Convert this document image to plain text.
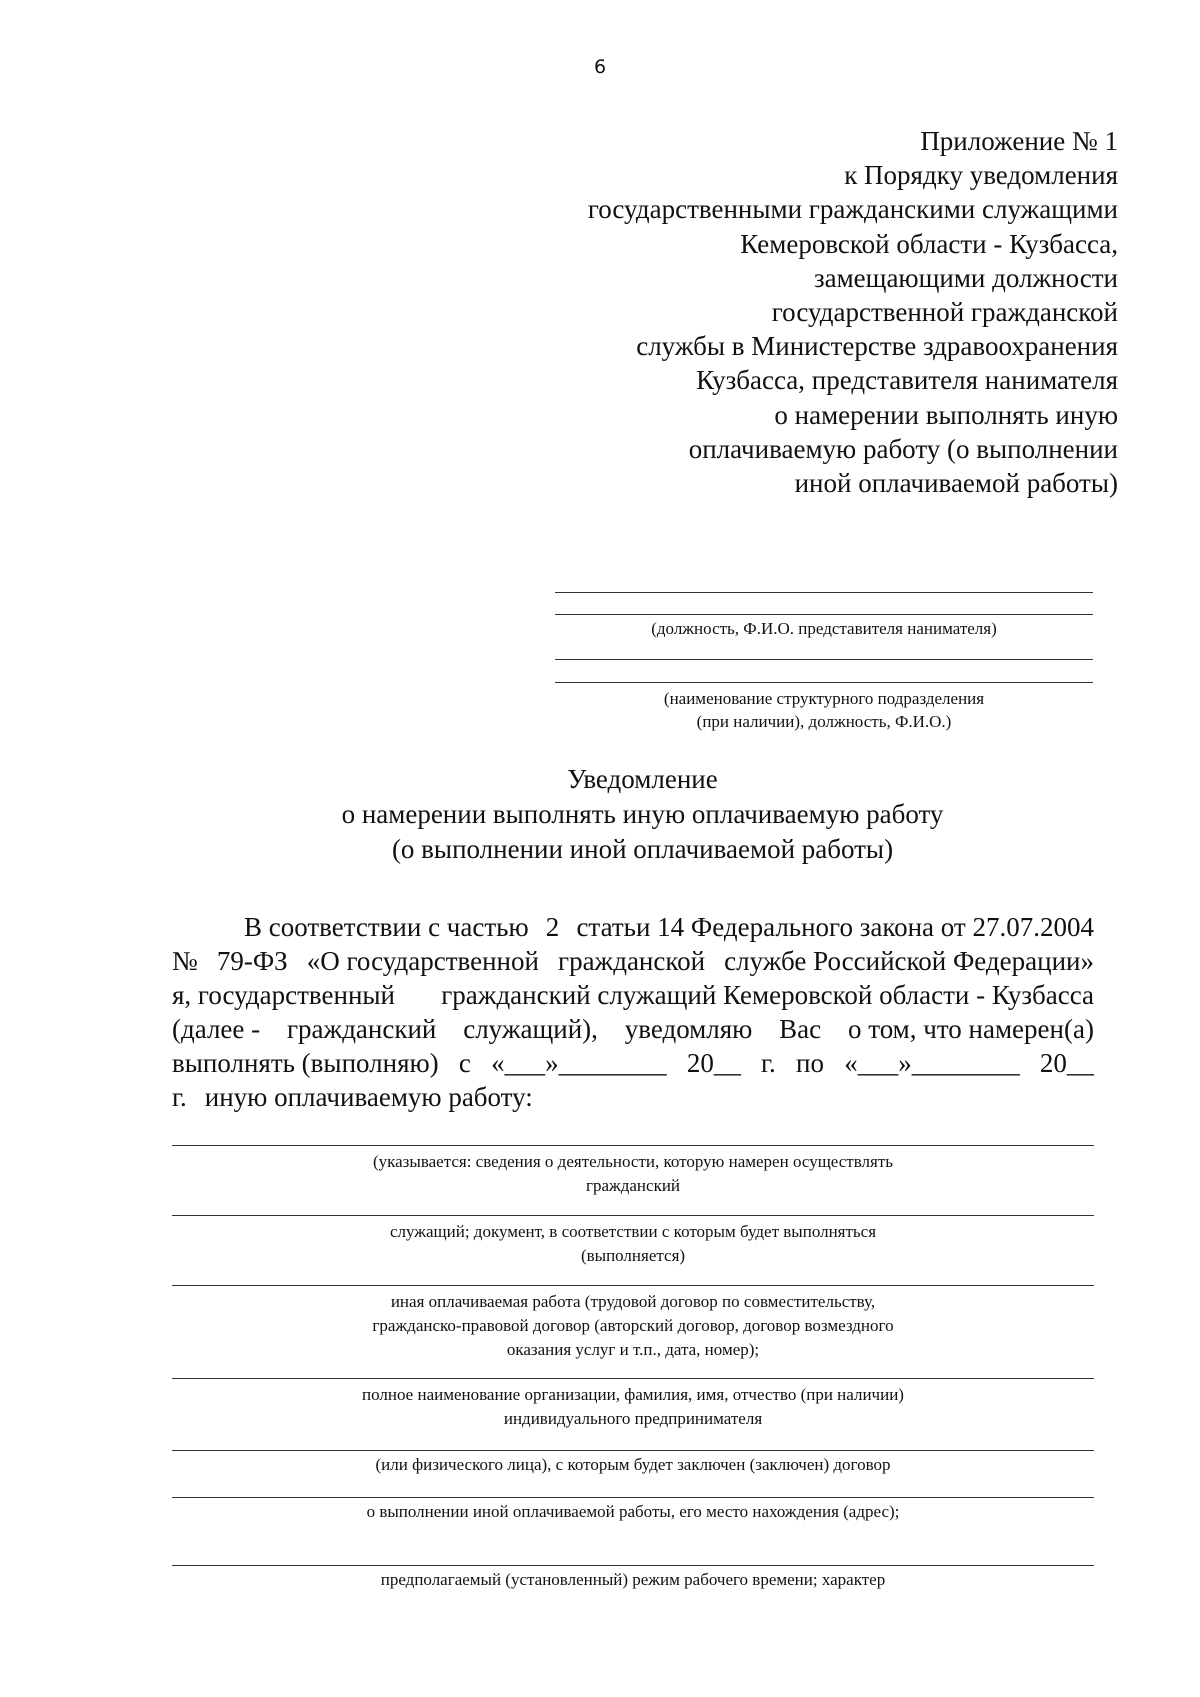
6
Приложение № 1
к Порядку уведомления
государственными гражданскими служащими
Кемеровской области - Кузбасса,
замещающими должности
государственной гражданской
службы в Министерстве здравоохранения
Кузбасса, представителя нанимателя
о намерении выполнять иную
оплачиваемую работу (о выполнении
иной оплачиваемой работы)
(должность, Ф.И.О. представителя нанимателя)
(наименование структурного подразделения
(при наличии), должность, Ф.И.О.)
Уведомление
о намерении выполнять иную оплачиваемую работу
(о выполнении иной оплачиваемой работы)
В соответствии с частью 2 статьи 14 Федерального закона от 27.07.2004
№ 79-ФЗ «О государственной гражданской службе Российской Федерации»
я, государственный гражданский служащий Кемеровской области - Кузбасса
(далее - гражданский служащий), уведомляю Вас о том, что намерен(а)
выполнять (выполняю) с «___»________ 20__ г. по «___»________ 20__
г. иную оплачиваемую работу:
(указывается: сведения о деятельности, которую намерен осуществлять
гражданский
служащий; документ, в соответствии с которым будет выполняться
(выполняется)
иная оплачиваемая работа (трудовой договор по совместительству,
гражданско-правовой договор (авторский договор, договор возмездного
оказания услуг и т.п., дата, номер);
полное наименование организации, фамилия, имя, отчество (при наличии)
индивидуального предпринимателя
(или физического лица), с которым будет заключен (заключен) договор
о выполнении иной оплачиваемой работы, его место нахождения (адрес);
предполагаемый (установленный) режим рабочего времени; характер
